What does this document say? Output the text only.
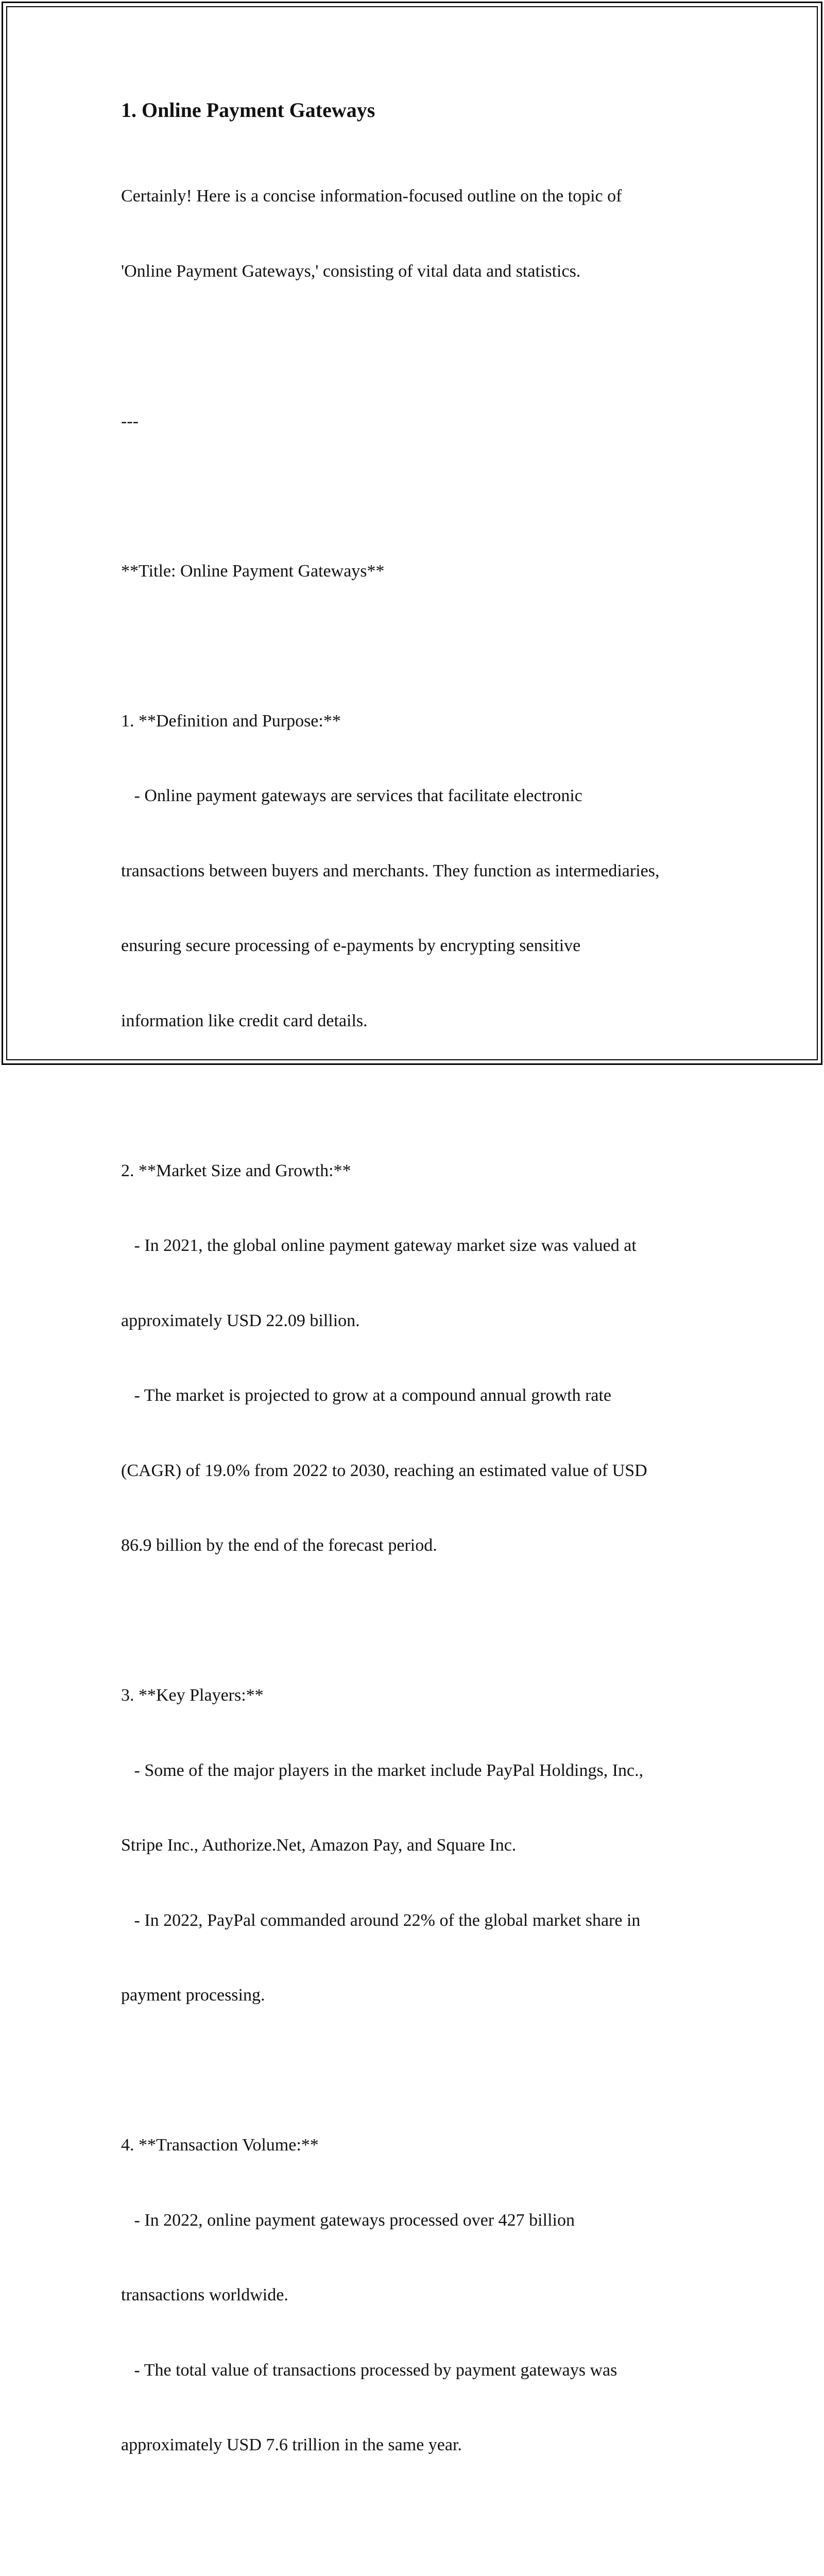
1. Online Payment Gateways

Certainly! Here is a concise information-focused outline on the topic of

'Online Payment Gateways,' consisting of vital data and statistics.

---

**Title: Online Payment Gateways**

1. **Definition and Purpose:**

- Online payment gateways are services that facilitate electronic

transactions between buyers and merchants. They function as intermediaries,

ensuring secure processing of e-payments by encrypting sensitive

information like credit card details.

2. **Market Size and Growth:**

- In 2021, the global online payment gateway market size was valued at

approximately USD 22.09 billion.

- The market is projected to grow at a compound annual growth rate

(CAGR) of 19.0% from 2022 to 2030, reaching an estimated value of USD

86.9 billion by the end of the forecast period.

3. **Key Players:**

- Some of the major players in the market include PayPal Holdings, Inc.,

Stripe Inc., Authorize.Net, Amazon Pay, and Square Inc.

- In 2022, PayPal commanded around 22% of the global market share in

payment processing.

4. **Transaction Volume:**

- In 2022, online payment gateways processed over 427 billion

transactions worldwide.

- The total value of transactions processed by payment gateways was

approximately USD 7.6 trillion in the same year.
